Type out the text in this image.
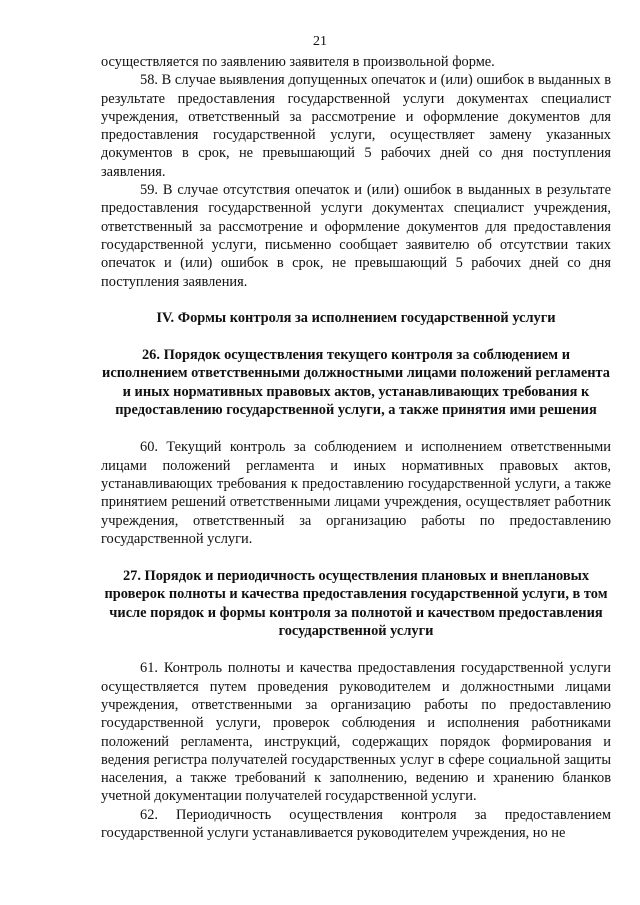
21

осуществляется по заявлению заявителя в произвольной форме.

58. В случае выявления допущенных опечаток и (или) ошибок в выданных в результате предоставления государственной услуги документах специалист учреждения, ответственный за рассмотрение и оформление документов для предоставления государственной услуги, осуществляет замену указанных документов в срок, не превышающий 5 рабочих дней со дня поступления заявления.

59. В случае отсутствия опечаток и (или) ошибок в выданных в результате предоставления государственной услуги документах специалист учреждения, ответственный за рассмотрение и оформление документов для предоставления государственной услуги, письменно сообщает заявителю об отсутствии таких опечаток и (или) ошибок в срок, не превышающий 5 рабочих дней со дня поступления заявления.

IV. Формы контроля за исполнением государственной услуги
26. Порядок осуществления текущего контроля за соблюдением и исполнением ответственными должностными лицами положений регламента и иных нормативных правовых актов, устанавливающих требования к предоставлению государственной услуги, а также принятия ими решения

60. Текущий контроль за соблюдением и исполнением ответственными лицами положений регламента и иных нормативных правовых актов, устанавливающих требования к предоставлению государственной услуги, а также принятием решений ответственными лицами учреждения, осуществляет работник учреждения, ответственный за организацию работы по предоставлению государственной услуги.

27. Порядок и периодичность осуществления плановых и внеплановых проверок полноты и качества предоставления государственной услуги, в том числе порядок и формы контроля за полнотой и качеством предоставления государственной услуги

61. Контроль полноты и качества предоставления государственной услуги осуществляется путем проведения руководителем и должностными лицами учреждения, ответственными за организацию работы по предоставлению государственной услуги, проверок соблюдения и исполнения работниками положений регламента, инструкций, содержащих порядок формирования и ведения регистра получателей государственных услуг в сфере социальной защиты населения, а также требований к заполнению, ведению и хранению бланков учетной документации получателей государственной услуги.

62. Периодичность осуществления контроля за предоставлением государственной услуги устанавливается руководителем учреждения, но не
